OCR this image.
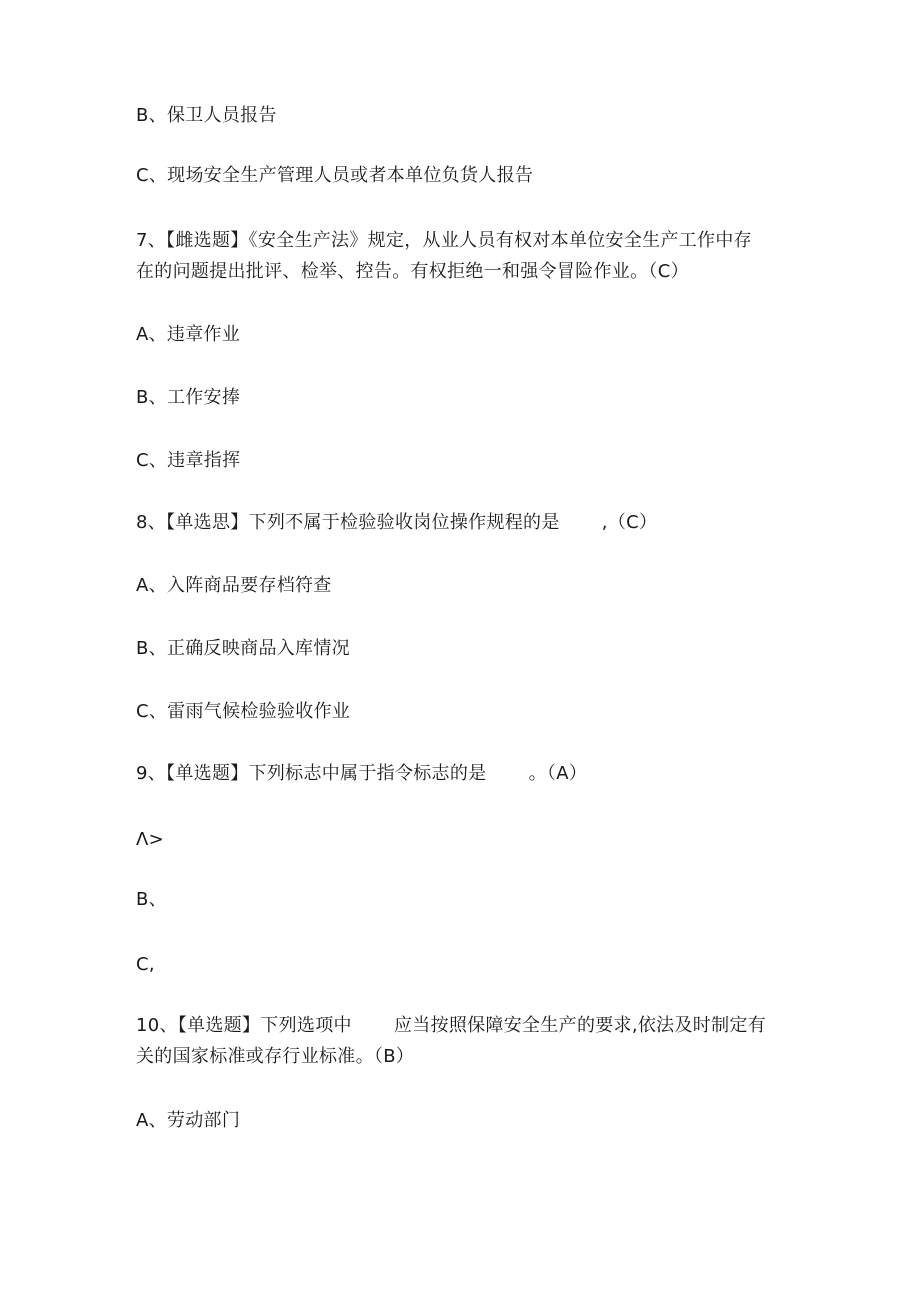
B、保卫人员报告

C、现场安全生产管理人员或者本单位负货人报告

7、【雌选题】《安全生产法》规定，从业人员有权对本单位安全生产工作中存

在的问题提出批评、检举、控告。有权拒绝一和强令冒险作业。（C）

A、违章作业

B、工作安捧

C、违章指挥

8、【单选思】下列不属于检验验收岗位操作规程的是       ,（C）

A、入阵商品要存档符查

B、正确反映商品入库情况

C、雷雨气候检验验收作业

9、【单选题】下列标志中属于指令标志的是       。（A）

Λ>

B、

C,

10、【单选题】下列选项中       应当按照保障安全生产的要求,依法及时制定有

关的国家标准或存行业标准。（B）

A、劳动部门
